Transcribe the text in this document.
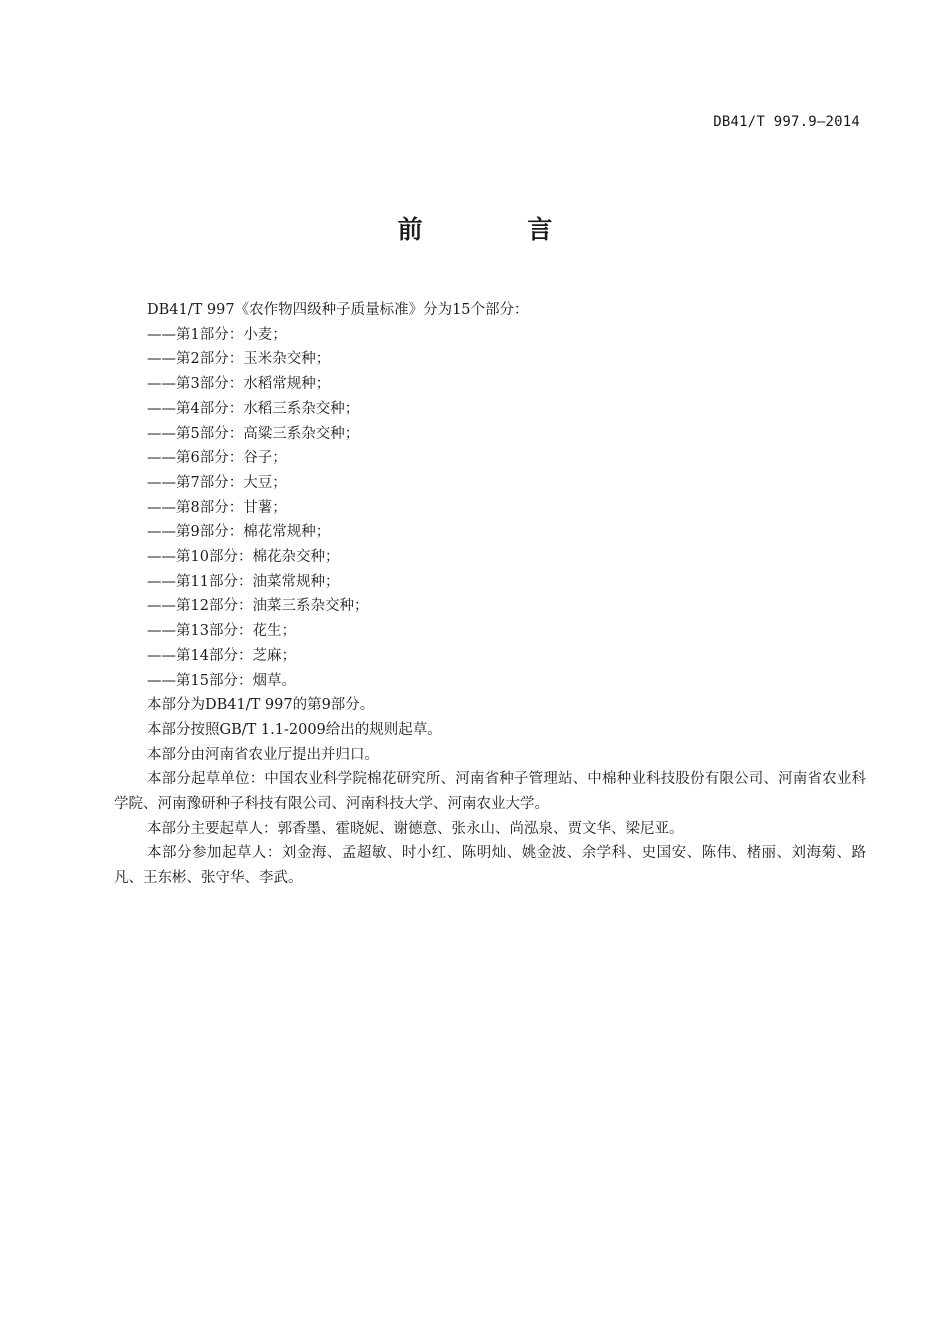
DB41/T 997.9—2014
前 言
DB41/T 997《农作物四级种子质量标准》分为15个部分：
——第1部分：小麦；
——第2部分：玉米杂交种；
——第3部分：水稻常规种；
——第4部分：水稻三系杂交种；
——第5部分：高粱三系杂交种；
——第6部分：谷子；
——第7部分：大豆；
——第8部分：甘薯；
——第9部分：棉花常规种；
——第10部分：棉花杂交种；
——第11部分：油菜常规种；
——第12部分：油菜三系杂交种；
——第13部分：花生；
——第14部分：芝麻；
——第15部分：烟草。
本部分为DB41/T 997的第9部分。
本部分按照GB/T 1.1-2009给出的规则起草。
本部分由河南省农业厅提出并归口。
本部分起草单位：中国农业科学院棉花研究所、河南省种子管理站、中棉种业科技股份有限公司、河南省农业科学院、河南豫研种子科技有限公司、河南科技大学、河南农业大学。
本部分主要起草人：郭香墨、霍晓妮、谢德意、张永山、尚泓泉、贾文华、梁尼亚。
本部分参加起草人：刘金海、孟超敏、时小红、陈明灿、姚金波、余学科、史国安、陈伟、楮丽、刘海菊、路凡、王东彬、张守华、李武。
